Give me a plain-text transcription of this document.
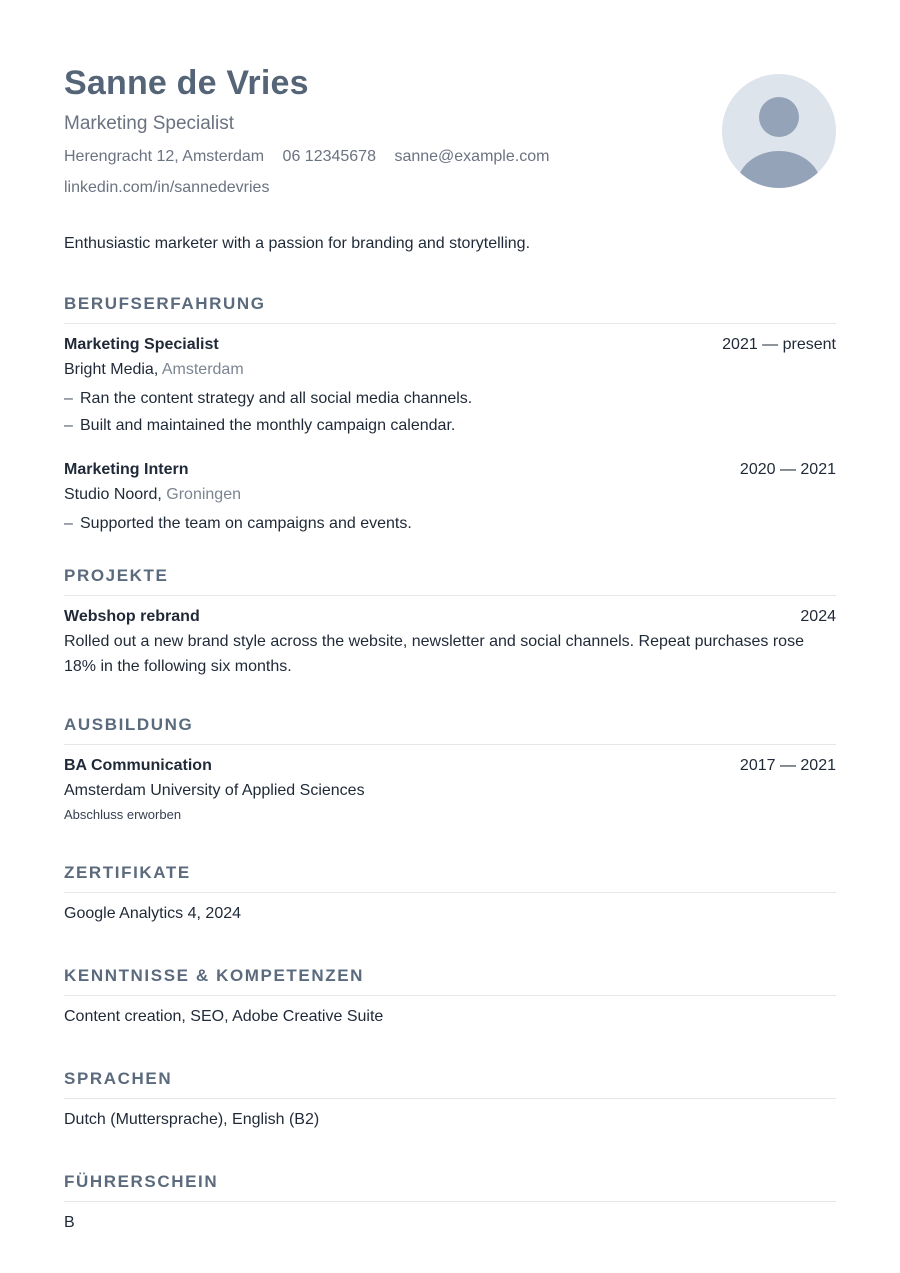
Sanne de Vries
Marketing Specialist
Herengracht 12, Amsterdam 06 12345678 sanne@example.com
linkedin.com/in/sannedevries
Enthusiastic marketer with a passion for branding and storytelling.
BERUFSERFAHRUNG
Marketing Specialist	2021 — present
Bright Media, Amsterdam
– Ran the content strategy and all social media channels.
– Built and maintained the monthly campaign calendar.
Marketing Intern	2020 — 2021
Studio Noord, Groningen
– Supported the team on campaigns and events.
PROJEKTE
Webshop rebrand	2024
Rolled out a new brand style across the website, newsletter and social channels. Repeat purchases rose 18% in the following six months.
AUSBILDUNG
BA Communication	2017 — 2021
Amsterdam University of Applied Sciences
Abschluss erworben
ZERTIFIKATE
Google Analytics 4, 2024
KENNTNISSE & KOMPETENZEN
Content creation, SEO, Adobe Creative Suite
SPRACHEN
Dutch (Muttersprache), English (B2)
FÜHRERSCHEIN
B
